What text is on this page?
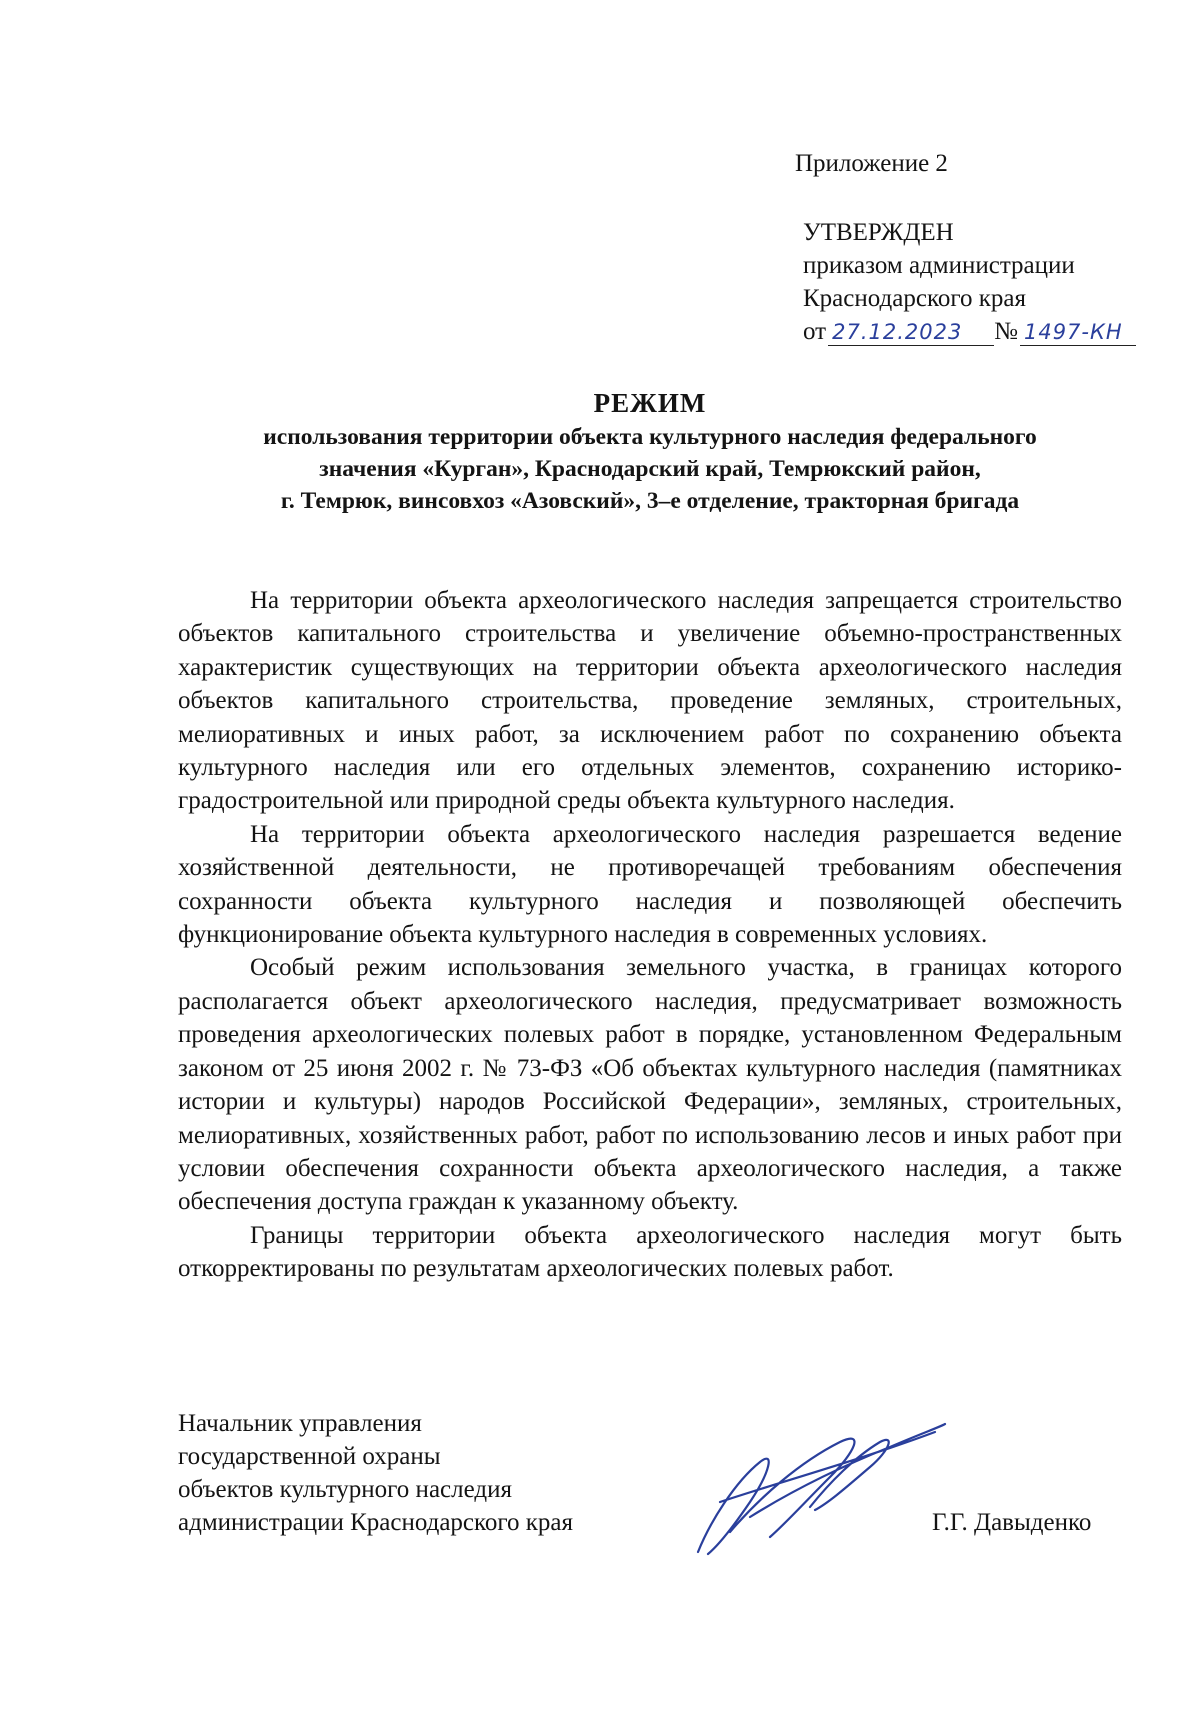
Приложение 2
УТВЕРЖДЕН
приказом администрации
Краснодарского края
от 27.12.2023	№ 1497-КН
РЕЖИМ
использования территории объекта культурного наследия федерального
значения «Курган», Краснодарский край, Темрюкский район,
г. Темрюк, винсовхоз «Азовский», 3–е отделение, тракторная бригада

На территории объекта археологического наследия запрещается строительство объектов капитального строительства и увеличение объемно-пространственных характеристик существующих на территории объекта археологического наследия объектов капитального строительства, проведение земляных, строительных, мелиоративных и иных работ, за исключением работ по сохранению объекта культурного наследия или его отдельных элементов, сохранению историко-градостроительной или природной среды объекта культурного наследия.

На территории объекта археологического наследия разрешается ведение хозяйственной деятельности, не противоречащей требованиям обеспечения сохранности объекта культурного наследия и позволяющей обеспечить функционирование объекта культурного наследия в современных условиях.

Особый режим использования земельного участка, в границах которого располагается объект археологического наследия, предусматривает возможность проведения археологических полевых работ в порядке, установленном Федеральным законом от 25 июня 2002 г. № 73-ФЗ «Об объектах культурного наследия (памятниках истории и культуры) народов Российской Федерации», земляных, строительных, мелиоративных, хозяйственных работ, работ по использованию лесов и иных работ при условии обеспечения сохранности объекта археологического наследия, а также обеспечения доступа граждан к указанному объекту.

Границы территории объекта археологического наследия могут быть откорректированы по результатам археологических полевых работ.

Начальник управления
государственной охраны
объектов культурного наследия
администрации Краснодарского края	Г.Г. Давыденко
